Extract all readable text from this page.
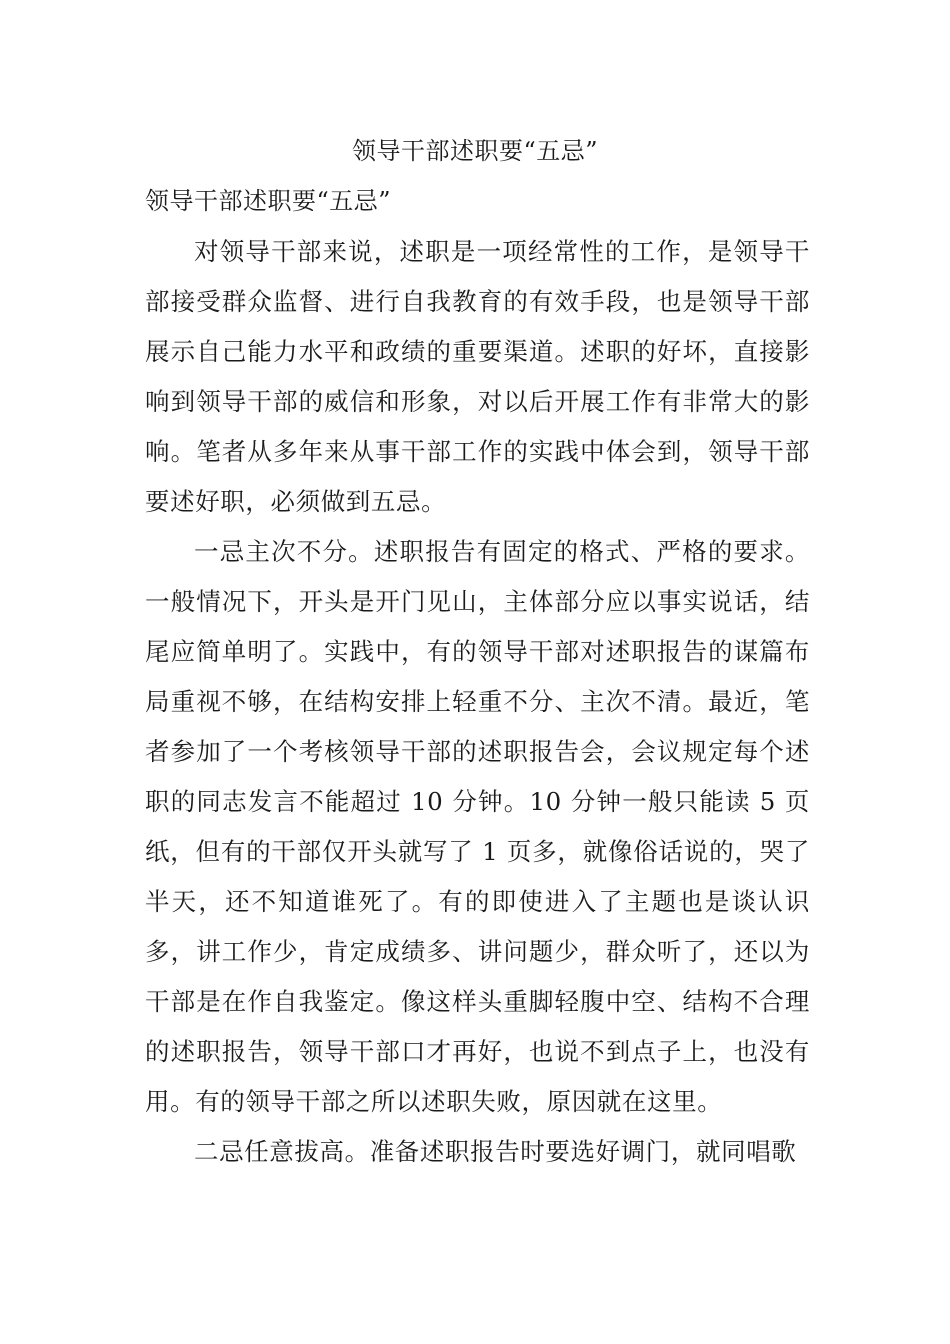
领导干部述职要“五忌”

领导干部述职要“五忌”

对领导干部来说，述职是一项经常性的工作，是领导干部接受群众监督、进行自我教育的有效手段，也是领导干部展示自己能力水平和政绩的重要渠道。述职的好坏，直接影响到领导干部的威信和形象，对以后开展工作有非常大的影响。笔者从多年来从事干部工作的实践中体会到，领导干部要述好职，必须做到五忌。

一忌主次不分。述职报告有固定的格式、严格的要求。一般情况下，开头是开门见山，主体部分应以事实说话，结尾应简单明了。实践中，有的领导干部对述职报告的谋篇布局重视不够，在结构安排上轻重不分、主次不清。最近，笔者参加了一个考核领导干部的述职报告会，会议规定每个述职的同志发言不能超过 10 分钟。10 分钟一般只能读 5 页纸，但有的干部仅开头就写了 1 页多，就像俗话说的，哭了半天，还不知道谁死了。有的即使进入了主题也是谈认识多，讲工作少，肯定成绩多、讲问题少，群众听了，还以为干部是在作自我鉴定。像这样头重脚轻腹中空、结构不合理的述职报告，领导干部口才再好，也说不到点子上，也没有用。有的领导干部之所以述职失败，原因就在这里。

二忌任意拔高。准备述职报告时要选好调门，就同唱歌
